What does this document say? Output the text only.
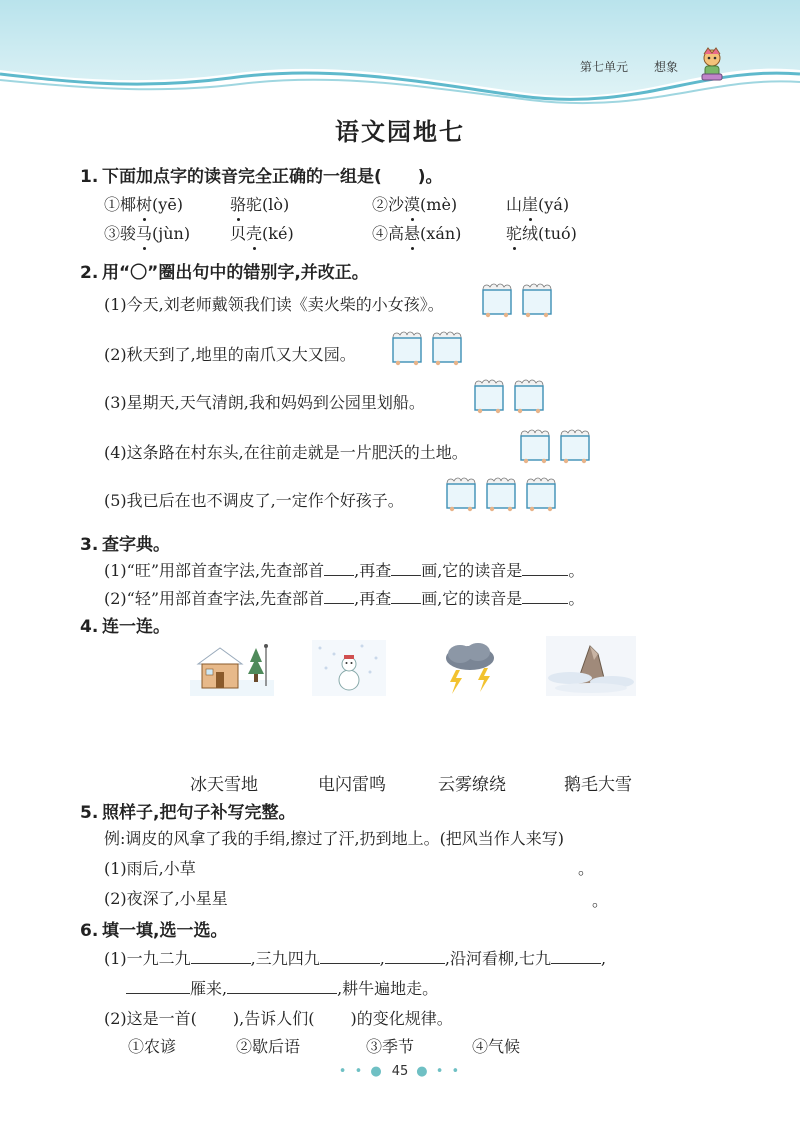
第七单元 想象
语文园地七
1. 下面加点字的读音完全正确的一组是( )。
①椰树(yē)	骆驼(lò)	②沙漠(mè)	山崖(yá)
③骏马(jùn) 贝壳(ké)	④高悬(xán)	驼绒(tuó)
2. 用“〇”圈出句中的错别字,并改正。
(1)今天,刘老师戴领我们读《卖火柴的小女孩》。
(2)秋天到了,地里的南爪又大又园。
(3)星期天,天气清朗,我和妈妈到公园里划船。
(4)这条路在村东头,在往前走就是一片肥沃的土地。
(5)我已后在也不调皮了,一定作个好孩子。
3. 查字典。
(1)“旺”用部首查字法,先查部首 ,再查 画,它的读音是	。
(2)“轻”用部首查字法,先查部首 ,再查 画,它的读音是	。
4. 连一连。
冰天雪地	电闪雷鸣	云雾缭绕	鹅毛大雪
5. 照样子,把句子补写完整。
例:调皮的风拿了我的手绢,擦过了汗,扔到地上。(把风当作人来写)
(1)雨后,小草	。
(2)夜深了,小星星	。
6. 填一填,选一选。
(1)一九二九	,三九四九	,	,沿河看柳,七九	,
雁来,	,耕牛遍地走。
(2)这是一首( ),告诉人们( )的变化规律。
①农谚	②歇后语	③季节	④气候
• • ● 45 ● • •
